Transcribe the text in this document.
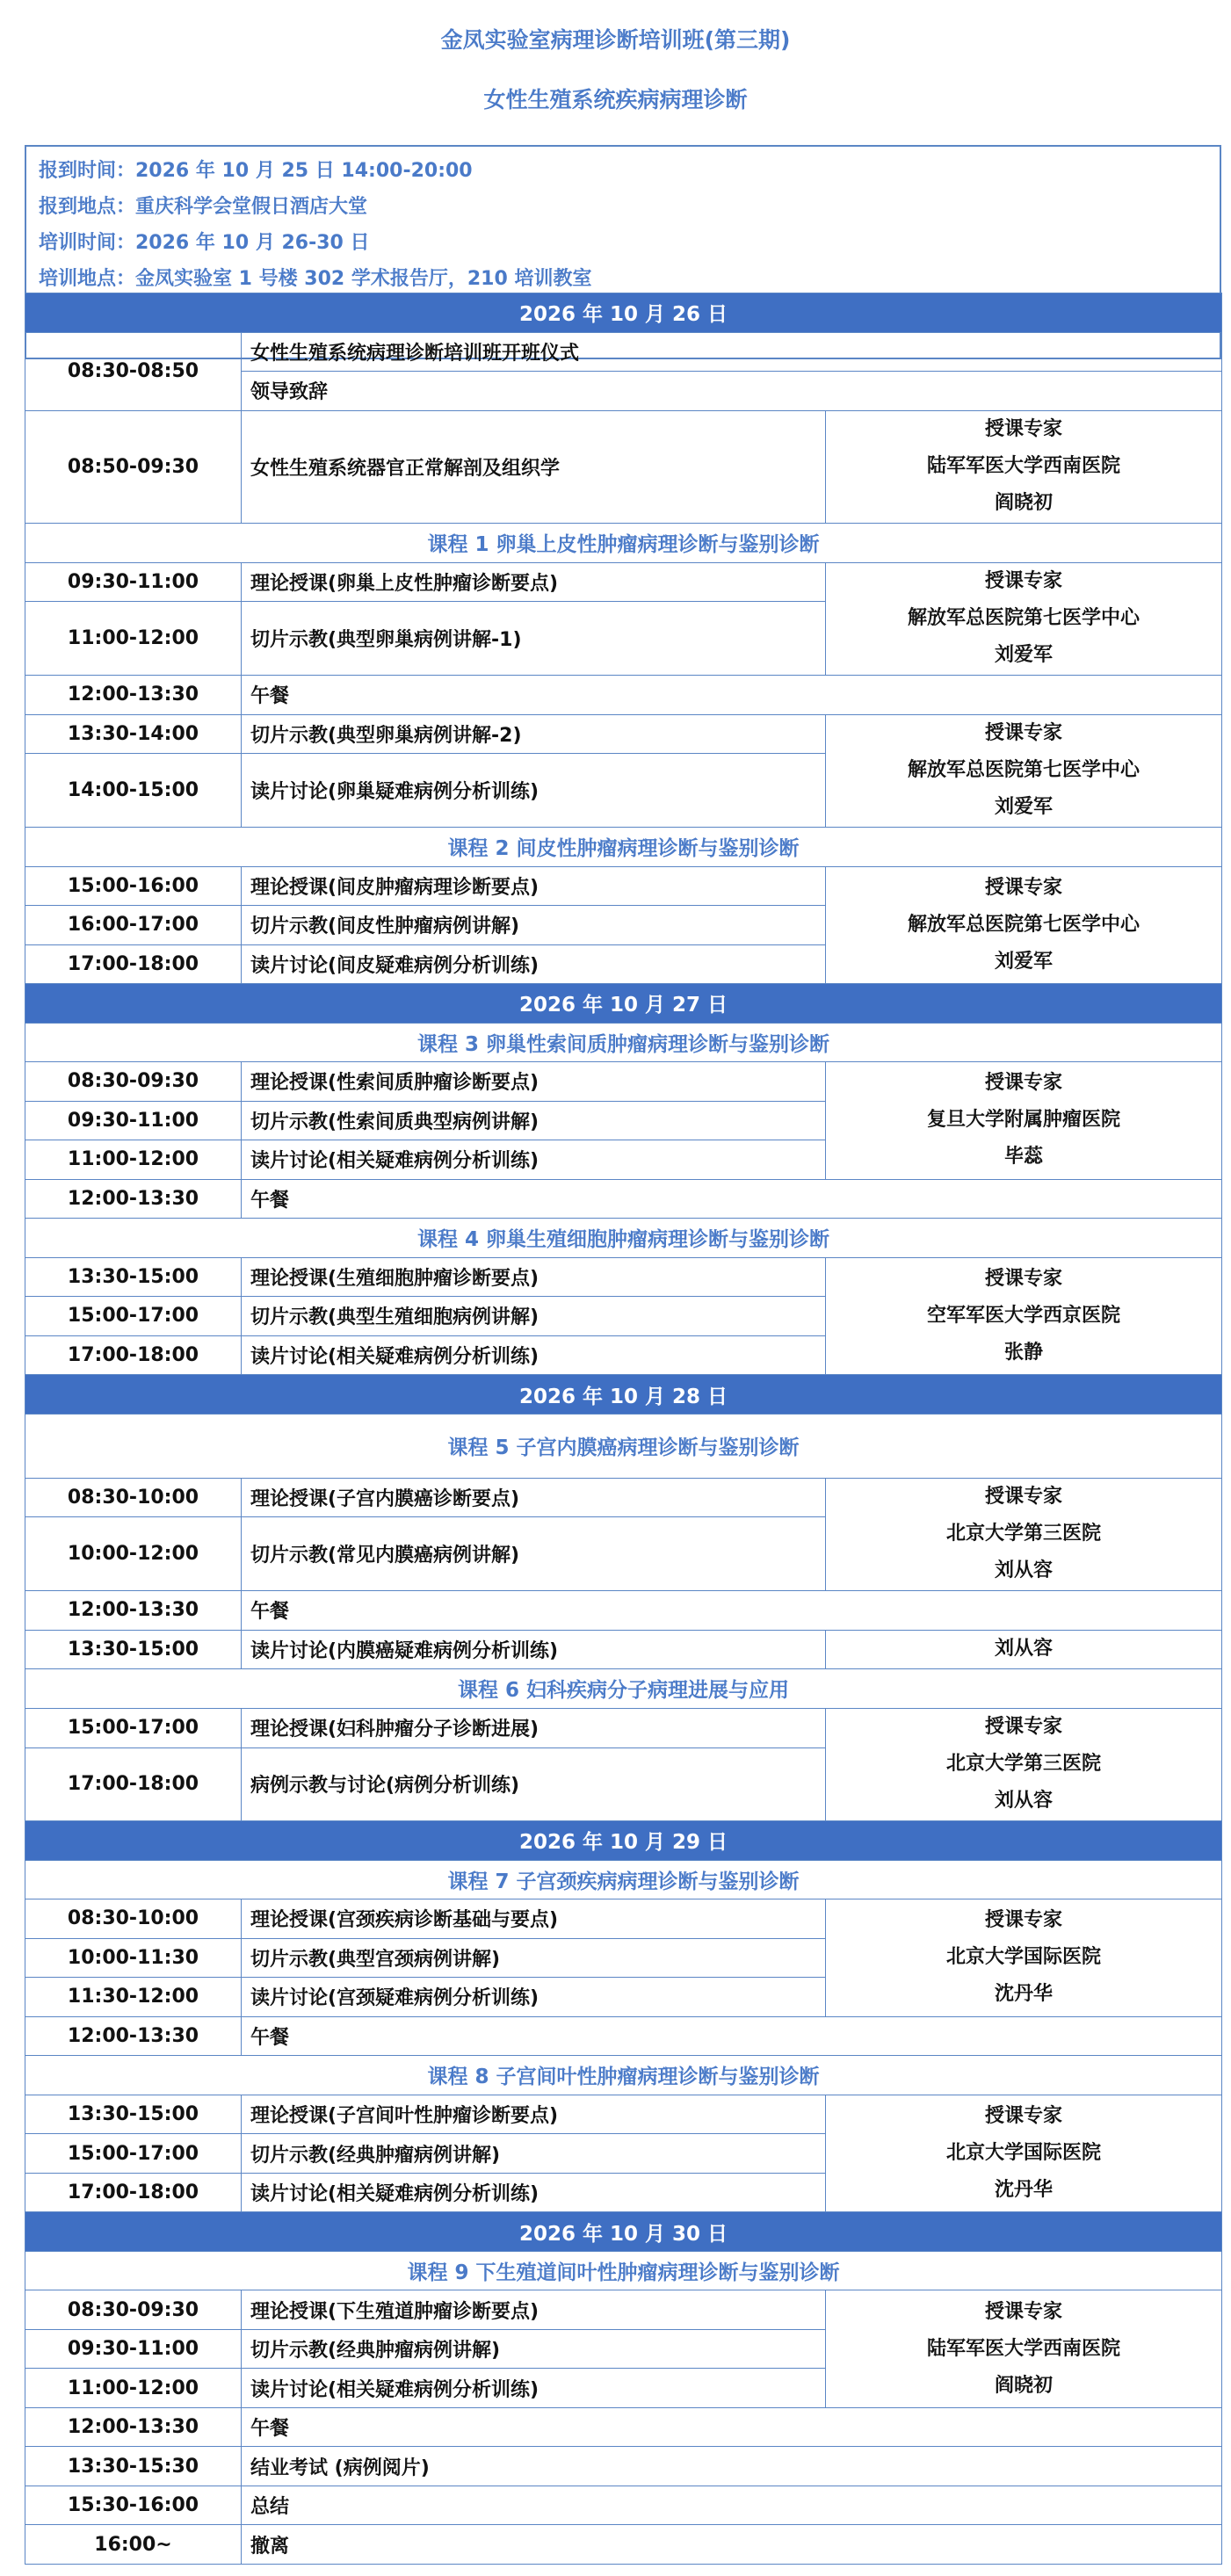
金凤实验室病理诊断培训班(第三期)
女性生殖系统疾病病理诊断
报到时间：2026 年 10 月 25 日 14:00-20:00
报到地点：重庆科学会堂假日酒店大堂
培训时间：2026 年 10 月 26-30 日
培训地点：金凤实验室 1 号楼 302 学术报告厅，210 培训教室
2026 年 10 月 26 日		
08:30-08:50	女性生殖系统病理诊断培训班开班仪式	
	领导致辞	
08:50-09:30	女性生殖系统器官正常解剖及组织学	授课专家
陆军军医大学西南医院
阎晓初

课程 1 卵巢上皮性肿瘤病理诊断与鉴别诊断		
09:30-11:00	理论授课(卵巢上皮性肿瘤诊断要点)	授课专家
解放军总医院第七医学中心
刘爱军

11:00-12:00	切片示教(典型卵巢病例讲解-1)	
12:00-13:30	午餐	
13:30-14:00	切片示教(典型卵巢病例讲解-2)	授课专家
解放军总医院第七医学中心
刘爱军

14:00-15:00	读片讨论(卵巢疑难病例分析训练)	
课程 2 间皮性肿瘤病理诊断与鉴别诊断		
15:00-16:00	理论授课(间皮肿瘤病理诊断要点)	授课专家
解放军总医院第七医学中心
刘爱军

16:00-17:00	切片示教(间皮性肿瘤病例讲解)	
17:00-18:00	读片讨论(间皮疑难病例分析训练)	
2026 年 10 月 27 日		
课程 3 卵巢性索间质肿瘤病理诊断与鉴别诊断		
08:30-09:30	理论授课(性索间质肿瘤诊断要点)	授课专家
复旦大学附属肿瘤医院
毕蕊

09:30-11:00	切片示教(性索间质典型病例讲解)	
11:00-12:00	读片讨论(相关疑难病例分析训练)	
12:00-13:30	午餐	
课程 4 卵巢生殖细胞肿瘤病理诊断与鉴别诊断		
13:30-15:00	理论授课(生殖细胞肿瘤诊断要点)	授课专家
空军军医大学西京医院
张静

15:00-17:00	切片示教(典型生殖细胞病例讲解)	
17:00-18:00	读片讨论(相关疑难病例分析训练)	
2026 年 10 月 28 日		
课程 5 子宫内膜癌病理诊断与鉴别诊断		
08:30-10:00	理论授课(子宫内膜癌诊断要点)	授课专家
北京大学第三医院
刘从容

10:00-12:00	切片示教(常见内膜癌病例讲解)	
12:00-13:30	午餐	
13:30-15:00	读片讨论(内膜癌疑难病例分析训练)	刘从容

课程 6 妇科疾病分子病理进展与应用		
15:00-17:00	理论授课(妇科肿瘤分子诊断进展)	授课专家
北京大学第三医院
刘从容

17:00-18:00	病例示教与讨论(病例分析训练)	
2026 年 10 月 29 日		
课程 7 子宫颈疾病病理诊断与鉴别诊断		
08:30-10:00	理论授课(宫颈疾病诊断基础与要点)	授课专家
北京大学国际医院
沈丹华

10:00-11:30	切片示教(典型宫颈病例讲解)	
11:30-12:00	读片讨论(宫颈疑难病例分析训练)	
12:00-13:30	午餐	
课程 8 子宫间叶性肿瘤病理诊断与鉴别诊断		
13:30-15:00	理论授课(子宫间叶性肿瘤诊断要点)	授课专家
北京大学国际医院
沈丹华

15:00-17:00	切片示教(经典肿瘤病例讲解)	
17:00-18:00	读片讨论(相关疑难病例分析训练)	
2026 年 10 月 30 日		
课程 9 下生殖道间叶性肿瘤病理诊断与鉴别诊断		
08:30-09:30	理论授课(下生殖道肿瘤诊断要点)	授课专家
陆军军医大学西南医院
阎晓初

09:30-11:00	切片示教(经典肿瘤病例讲解)	
11:00-12:00	读片讨论(相关疑难病例分析训练)	
12:00-13:30	午餐	
13:30-15:30	结业考试 (病例阅片)	
15:30-16:00	总结	
16:00~	撤离	
